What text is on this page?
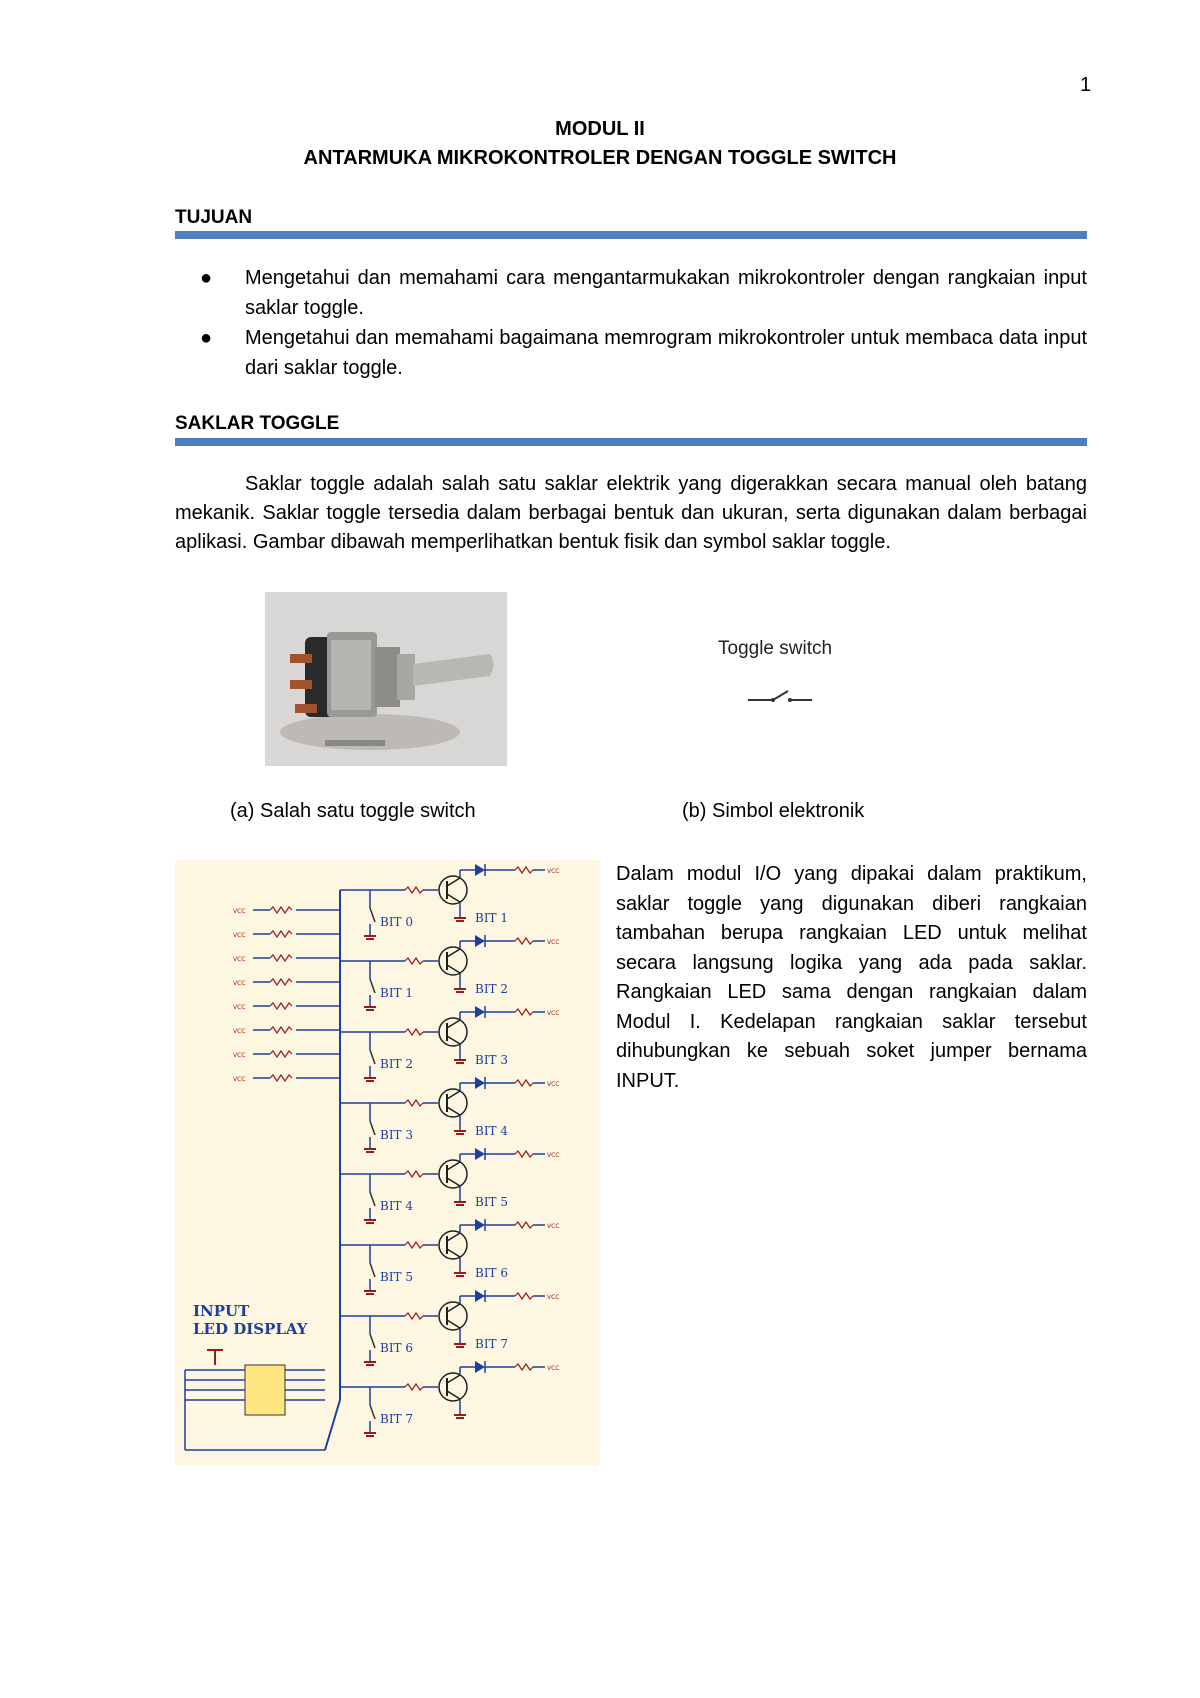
1
MODUL II
ANTARMUKA MIKROKONTROLER DENGAN TOGGLE SWITCH
TUJUAN
● Mengetahui dan memahami cara mengantarmukakan mikrokontroler dengan rangkaian input saklar toggle.
● Mengetahui dan memahami bagaimana memrogram mikrokontroler untuk membaca data input dari saklar toggle.
SAKLAR TOGGLE

Saklar toggle adalah salah satu saklar elektrik yang digerakkan secara manual oleh batang mekanik. Saklar toggle tersedia dalam berbagai bentuk dan ukuran, serta digunakan dalam berbagai aplikasi. Gambar dibawah memperlihatkan bentuk fisik dan symbol saklar toggle.

Toggle switch
(a) Salah satu toggle switch	(b) Simbol elektronik
VCC
VCC
VCC
VCC
VCC
VCC
VCC
VCC
BIT 0
VCC
BIT 1
BIT 1
VCC
BIT 2
BIT 2
VCC
BIT 3
BIT 3
VCC
BIT 4
BIT 4
VCC
BIT 5
BIT 5
VCC
BIT 6
BIT 6
VCC
BIT 7
BIT 7
VCC
INPUT
LED DISPLAY

Dalam modul I/O yang dipakai dalam praktikum, saklar toggle yang digunakan diberi rangkaian tambahan berupa rangkaian LED untuk melihat secara langsung logika yang ada pada saklar. Rangkaian LED sama dengan rangkaian dalam Modul I. Kedelapan rangkaian saklar tersebut dihubungkan ke sebuah soket jumper bernama INPUT.
